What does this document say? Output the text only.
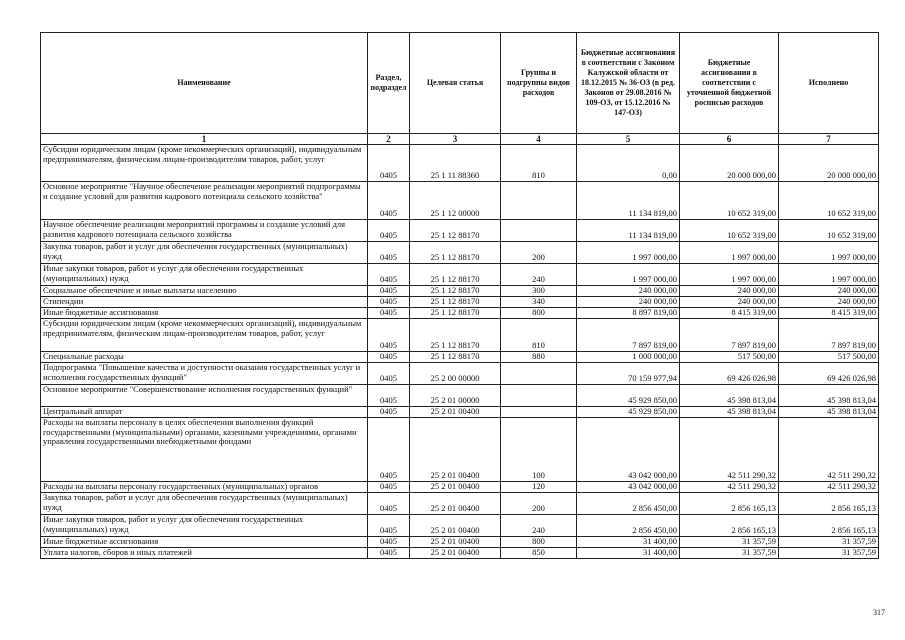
Наименование	Раздел, подраздел	Целевая статья	Группы и подгруппы видов расходов	Бюджетные ассигнования в соответствии с Законом Калужской области от 18.12.2015 № 36-ОЗ (в ред. Законов от 29.08.2016 № 109-ОЗ, от 15.12.2016 № 147-ОЗ)	Бюджетные ассигнования в соответствии с уточненной бюджетной росписью расходов	Исполнено
1	2	3	4	5	6	7
Субсидии юридическим лицам (кроме некоммерческих организаций), индивидуальным предпринимателям, физическим лицам-производителям товаров, работ, услуг	0405	25 1 11 88360	810	0,00	20 000 000,00	20 000 000,00
Основное мероприятие "Научное обеспечение реализации мероприятий подпрограммы и создание условий для развития кадрового потенциала сельского хозяйства"	0405	25 1 12 00000		11 134 819,00	10 652 319,00	10 652 319,00
Научное обеспечение реализации мероприятий программы и создание условий для развития кадрового потенциала сельского хозяйства	0405	25 1 12 88170		11 134 819,00	10 652 319,00	10 652 319,00
Закупка товаров, работ и услуг для обеспечения государственных (муниципальных) нужд	0405	25 1 12 88170	200	1 997 000,00	1 997 000,00	1 997 000,00
Иные закупки товаров, работ и услуг для обеспечения государственных (муниципальных) нужд	0405	25 1 12 88170	240	1 997 000,00	1 997 000,00	1 997 000,00
Социальное обеспечение и иные выплаты населению	0405	25 1 12 88170	300	240 000,00	240 000,00	240 000,00
Стипендии	0405	25 1 12 88170	340	240 000,00	240 000,00	240 000,00
Иные бюджетные ассигнования	0405	25 1 12 88170	800	8 897 819,00	8 415 319,00	8 415 319,00
Субсидии юридическим лицам (кроме некоммерческих организаций), индивидуальным предпринимателям, физическим лицам-производителям товаров, работ, услуг	0405	25 1 12 88170	810	7 897 819,00	7 897 819,00	7 897 819,00
Специальные расходы	0405	25 1 12 88170	880	1 000 000,00	517 500,00	517 500,00
Подпрограмма "Повышение качества и доступности оказания государственных услуг и исполнения государственных функций"	0405	25 2 00 00000		70 159 977,94	69 426 026,98	69 426 026,98
Основное мероприятие "Совершенствование исполнения государственных функций"	0405	25 2 01 00000		45 929 850,00	45 398 813,04	45 398 813,04
Центральный аппарат	0405	25 2 01 00400		45 929 850,00	45 398 813,04	45 398 813,04
Расходы на выплаты персоналу в целях обеспечения выполнения функций государственными (муниципальными) органами, казенными учреждениями, органами управления государственными внебюджетными фондами	0405	25 2 01 00400	100	43 042 000,00	42 511 290,32	42 511 290,32
Расходы на выплаты персоналу государственных (муниципальных) органов	0405	25 2 01 00400	120	43 042 000,00	42 511 290,32	42 511 290,32
Закупка товаров, работ и услуг для обеспечения государственных (муниципальных) нужд	0405	25 2 01 00400	200	2 856 450,00	2 856 165,13	2 856 165,13
Иные закупки товаров, работ и услуг для обеспечения государственных (муниципальных) нужд	0405	25 2 01 00400	240	2 856 450,00	2 856 165,13	2 856 165,13
Иные бюджетные ассигнования	0405	25 2 01 00400	800	31 400,00	31 357,59	31 357,59
Уплата налогов, сборов и иных платежей	0405	25 2 01 00400	850	31 400,00	31 357,59	31 357,59
317
